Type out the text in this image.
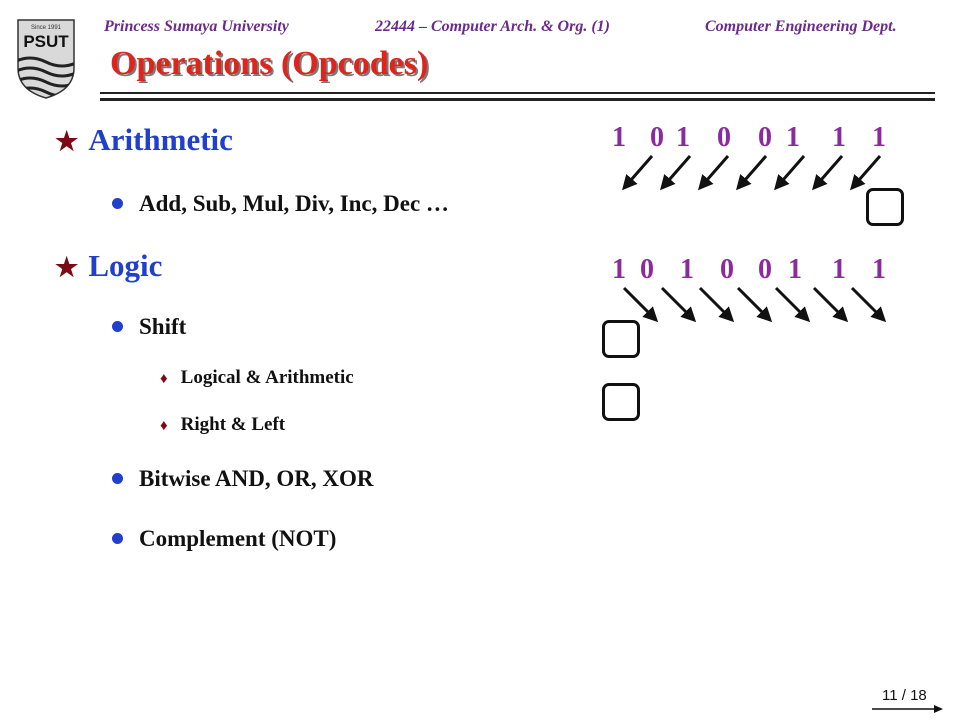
Since 1991
PSUT
Princess Sumaya University	22444 – Computer Arch. & Org. (1)	Computer Engineering Dept.
Operations (Opcodes)
★ Arithmetic
Add, Sub, Mul, Div, Inc, Dec …
★ Logic
Shift
♦ Logical & Arithmetic
♦ Right & Left
Bitwise AND, OR, XOR
Complement (NOT)
1 0 1 0 0 1 1 1
1 0 1 0 0 1 1 1
11 / 18
